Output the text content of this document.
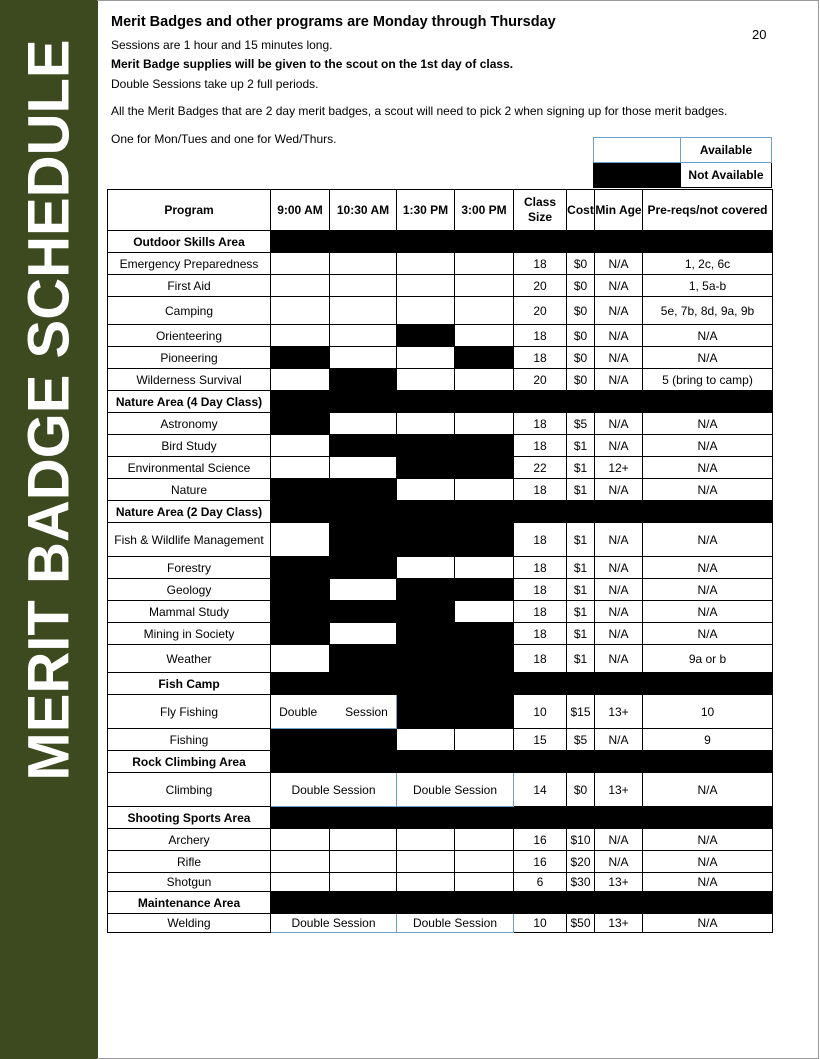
MERIT BADGE SCHEDULE
20
Merit Badges and other programs are Monday through Thursday
Sessions are 1 hour and 15 minutes long.
Merit Badge supplies will be given to the scout on the 1st day of class.
Double Sessions take up 2 full periods.
All the Merit Badges that are 2 day merit badges, a scout will need to pick 2 when signing up for those merit badges.
One for Mon/Tues and one for Wed/Thurs.
	Available
	Not Available
Program	9:00 AM	10:30 AM	1:30 PM	3:00 PM	Class Size	Cost	Min Age	Pre-reqs/not covered
Outdoor Skills Area								
Emergency Preparedness					18	$0	N/A	1, 2c, 6c
First Aid					20	$0	N/A	1, 5a-b
Camping					20	$0	N/A	5e, 7b, 8d, 9a, 9b
Orienteering					18	$0	N/A	N/A
Pioneering					18	$0	N/A	N/A
Wilderness Survival					20	$0	N/A	5 (bring to camp)
Nature Area (4 Day Class)								
Astronomy					18	$5	N/A	N/A
Bird Study					18	$1	N/A	N/A
Environmental Science					22	$1	12+	N/A
Nature					18	$1	N/A	N/A
Nature Area (2 Day Class)								
Fish & Wildlife Management					18	$1	N/A	N/A
Forestry					18	$1	N/A	N/A
Geology					18	$1	N/A	N/A
Mammal Study					18	$1	N/A	N/A
Mining in Society					18	$1	N/A	N/A
Weather					18	$1	N/A	9a or b
Fish Camp								
Fly Fishing	Double Session				10	$15	13+	10
Fishing					15	$5	N/A	9
Rock Climbing Area								
Climbing	Double Session		Double Session		14	$0	13+	N/A
Shooting Sports Area								
Archery					16	$10	N/A	N/A
Rifle					16	$20	N/A	N/A
Shotgun					6	$30	13+	N/A
Maintenance Area								
Welding	Double Session		Double Session		10	$50	13+	N/A
